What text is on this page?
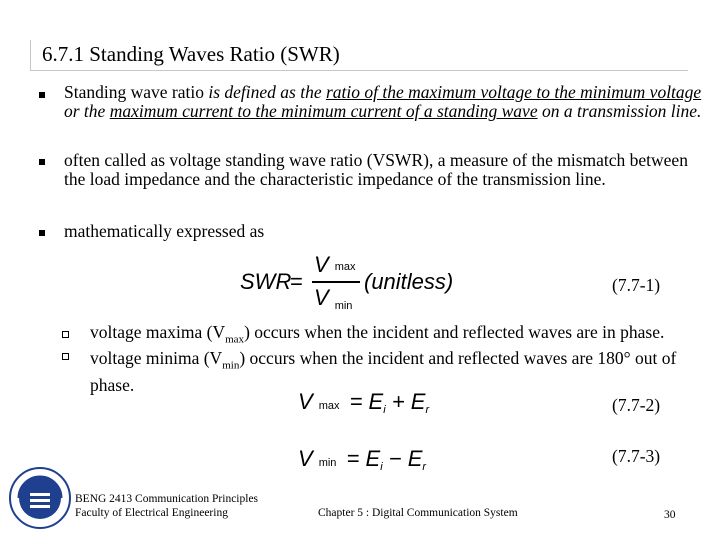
6.7.1 Standing Waves Ratio (SWR)
Standing wave ratio is defined as the ratio of the maximum voltage to the minimum voltage or the maximum current to the minimum current of a standing wave on a transmission line.
often called as voltage standing wave ratio (VSWR), a measure of the mismatch between the load impedance and the characteristic impedance of the transmission line.
mathematically expressed as
SWR
=
Vmax
V $_{min}$
(unitless)	(7.7-1)
voltage maxima $(V_{max})$ occurs when the incident and reflected waves are in phase.
voltage minima $(V_{min})$ occurs when the incident and reflected waves are 180° out of phase.
$Vmax = E_i + E_r$	(7.7-2)
$Vmin = E_i - E_r$
(7.7-3)
BENG 2413 Communication Principles
Faculty of Electrical Engineering	Chapter 5 : Digital Communication System	30
